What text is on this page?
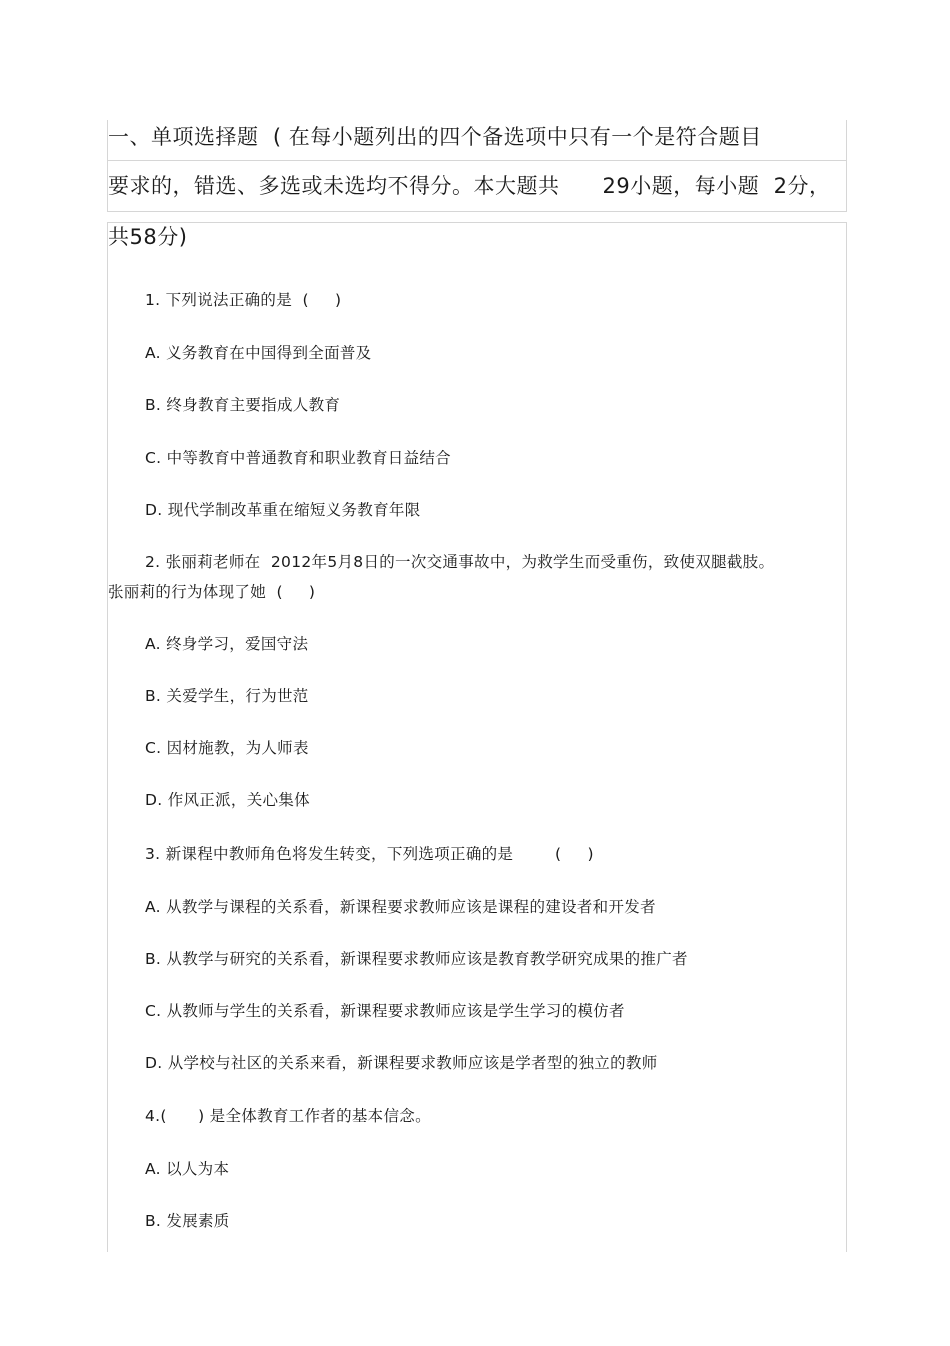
一、单项选择题  ( 在每小题列出的四个备选项中只有一个是符合题目
要求的，错选、多选或未选均不得分。本大题共      29小题，每小题  2分，
共58分)
1. 下列说法正确的是  (     )
A. 义务教育在中国得到全面普及
B. 终身教育主要指成人教育
C. 中等教育中普通教育和职业教育日益结合
D. 现代学制改革重在缩短义务教育年限
2. 张丽莉老师在  2012年5月8日的一次交通事故中，为救学生而受重伤，致使双腿截肢。
张丽莉的行为体现了她  (     )
A. 终身学习，爱国守法
B. 关爱学生，行为世范
C. 因材施教，为人师表
D. 作风正派，关心集体
3. 新课程中教师角色将发生转变，下列选项正确的是        (     )
A. 从教学与课程的关系看，新课程要求教师应该是课程的建设者和开发者
B. 从教学与研究的关系看，新课程要求教师应该是教育教学研究成果的推广者
C. 从教师与学生的关系看，新课程要求教师应该是学生学习的模仿者
D. 从学校与社区的关系来看，新课程要求教师应该是学者型的独立的教师
4.(      ) 是全体教育工作者的基本信念。
A. 以人为本
B. 发展素质
